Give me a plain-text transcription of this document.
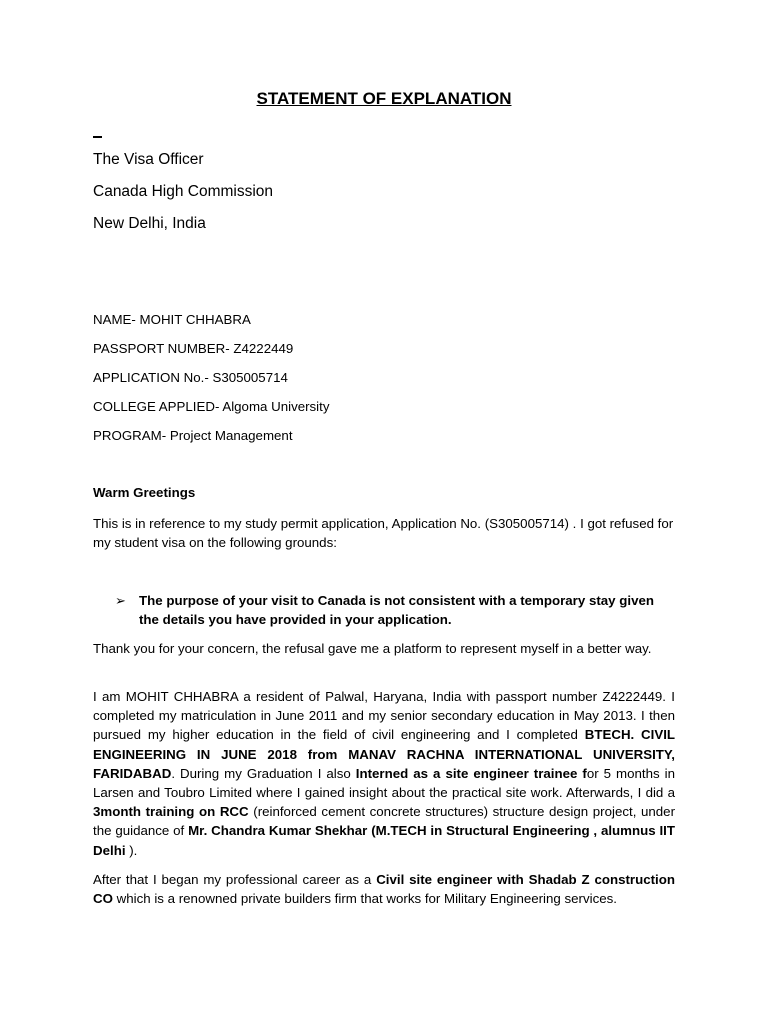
STATEMENT OF EXPLANATION
The Visa Officer
Canada High Commission
New Delhi, India
NAME- MOHIT CHHABRA
PASSPORT NUMBER- Z4222449
APPLICATION No.- S305005714
COLLEGE APPLIED- Algoma University
PROGRAM- Project Management
Warm Greetings
This is in reference to my study permit application, Application No. (S305005714) . I got refused for my student visa on the following grounds:
➢ The purpose of your visit to Canada is not consistent with a temporary stay given the details you have provided in your application.
Thank you for your concern, the refusal gave me a platform to represent myself in a better way.
I am MOHIT CHHABRA a resident of Palwal, Haryana, India with passport number Z4222449. I completed my matriculation in June 2011 and my senior secondary education in May 2013. I then pursued my higher education in the field of civil engineering and I completed BTECH. CIVIL ENGINEERING IN JUNE 2018 from MANAV RACHNA INTERNATIONAL UNIVERSITY, FARIDABAD. During my Graduation I also Interned as a site engineer trainee for 5 months in Larsen and Toubro Limited where I gained insight about the practical site work. Afterwards, I did a 3month training on RCC (reinforced cement concrete structures) structure design project, under the guidance of Mr. Chandra Kumar Shekhar (M.TECH in Structural Engineering , alumnus IIT Delhi ).
After that I began my professional career as a Civil site engineer with Shadab Z construction CO which is a renowned private builders firm that works for Military Engineering services.
